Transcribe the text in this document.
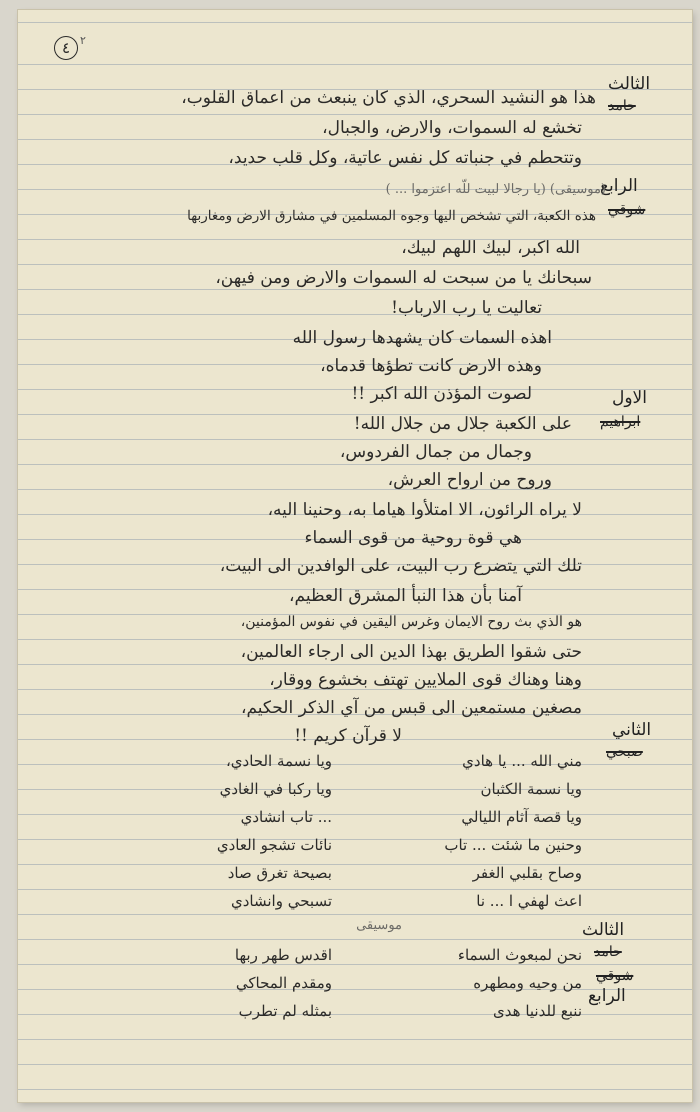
٤ ٢
الثالث
حامد
الرابع
شوقي
الاول
ابراهيم
الثاني
صبحي
الثالث
حامد
شوقي
الرابع
هذا هو النشيد السحري، الذي كان ينبعث من اعماق القلوب،
تخشع له السموات، والارض، والجبال،
وتتحطم في جنباته كل نفس عاتية، وكل قلب حديد،
(موسيقى) (يا رجالا لبيت للّه اعتزموا ... )
هذه الكعبة، التي تشخص اليها وجوه المسلمين في مشارق الارض ومغاربها
الله اكبر، لبيك اللهم لبيك،
سبحانك يا من سبحت له السموات والارض ومن فيهن،
تعاليت يا رب الارباب!
اهذه السمات كان يشهدها رسول الله
وهذه الارض كانت تطؤها قدماه،
لصوت المؤذن الله اكبر !!
على الكعبة جلال من جلال الله!
وجمال من جمال الفردوس،
وروح من ارواح العرش،
لا يراه الرائون، الا امتلأوا هياما به، وحنينا اليه،
هي قوة روحية من قوى السماء
تلك التي يتضرع رب البيت، على الوافدين الى البيت،
آمنا بأن هذا النبأ المشرق العظيم،
هو الذي بث روح الايمان وغرس اليقين في نفوس المؤمنين،
حتى شقوا الطريق بهذا الدين الى ارجاء العالمين،
وهنا وهناك قوى الملايين تهتف بخشوع ووقار،
مصغين مستمعين الى قبس من آي الذكر الحكيم،
لا قرآن كريم !!
مني الله ... يا هادي
ويا نسمة الحادي،
ويا نسمة الكثبان
ويا ركبا في الغادي
ويا قصة آثام الليالي
... تاب انشادي
وحنين ما شئت ... تاب
نائات تشجو العادي
وصاح بقلبي الغفر
بصيحة تغرق صاد
اعث لهفي ا ... نا
تسبحي وانشادي
موسيقى
نحن لمبعوث السماء
اقدس طهر ربها
من وحيه ومطهره
ومقدم المحاكي
ننبع للدنيا هدى
بمثله لم تطرب
